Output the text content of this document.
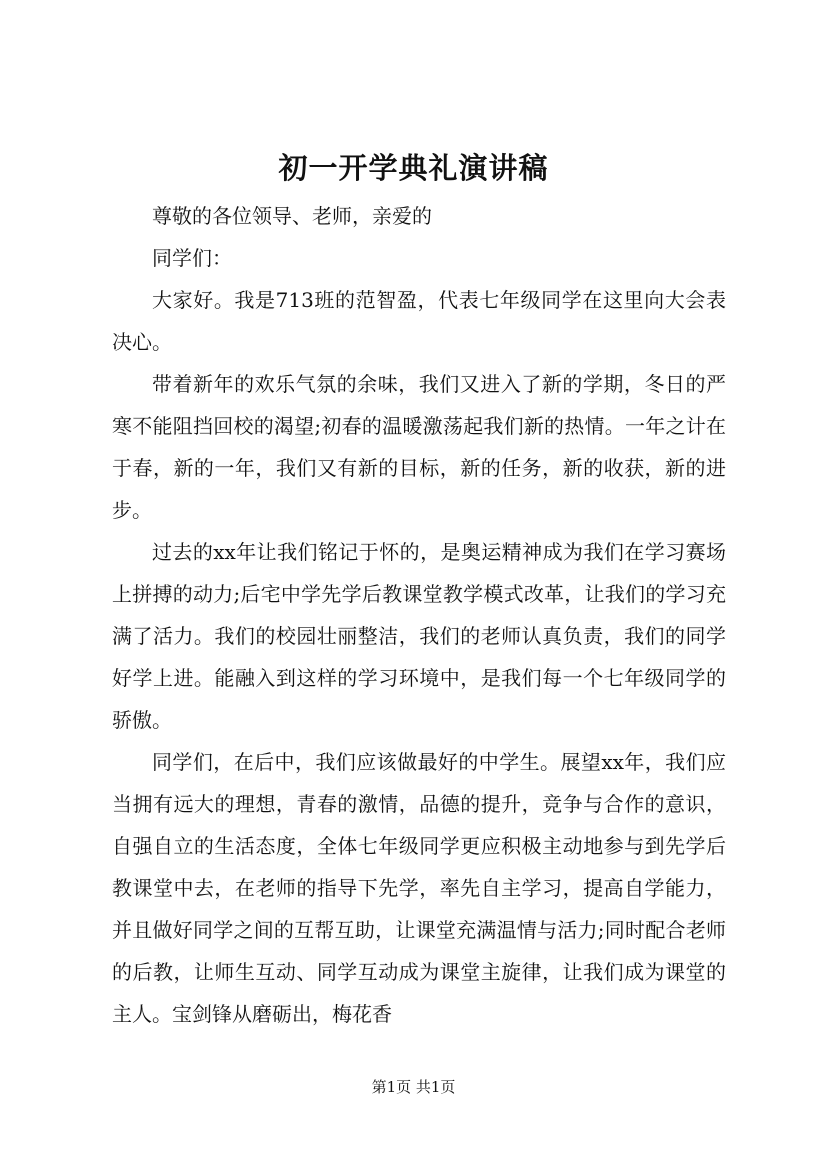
初一开学典礼演讲稿

尊敬的各位领导、老师，亲爱的

同学们：

大家好。我是713班的范智盈，代表七年级同学在这里向大会表决心。

带着新年的欢乐气氛的余味，我们又进入了新的学期，冬日的严寒不能阻挡回校的渴望;初春的温暖激荡起我们新的热情。一年之计在于春，新的一年，我们又有新的目标，新的任务，新的收获，新的进步。

过去的xx年让我们铭记于怀的，是奥运精神成为我们在学习赛场上拼搏的动力;后宅中学先学后教课堂教学模式改革，让我们的学习充满了活力。我们的校园壮丽整洁，我们的老师认真负责，我们的同学好学上进。能融入到这样的学习环境中，是我们每一个七年级同学的骄傲。

同学们，在后中，我们应该做最好的中学生。展望xx年，我们应当拥有远大的理想，青春的激情，品德的提升，竞争与合作的意识，自强自立的生活态度，全体七年级同学更应积极主动地参与到先学后教课堂中去，在老师的指导下先学，率先自主学习，提高自学能力，并且做好同学之间的互帮互助，让课堂充满温情与活力;同时配合老师的后教，让师生互动、同学互动成为课堂主旋律，让我们成为课堂的主人。宝剑锋从磨砺出，梅花香

第1页 共1页
